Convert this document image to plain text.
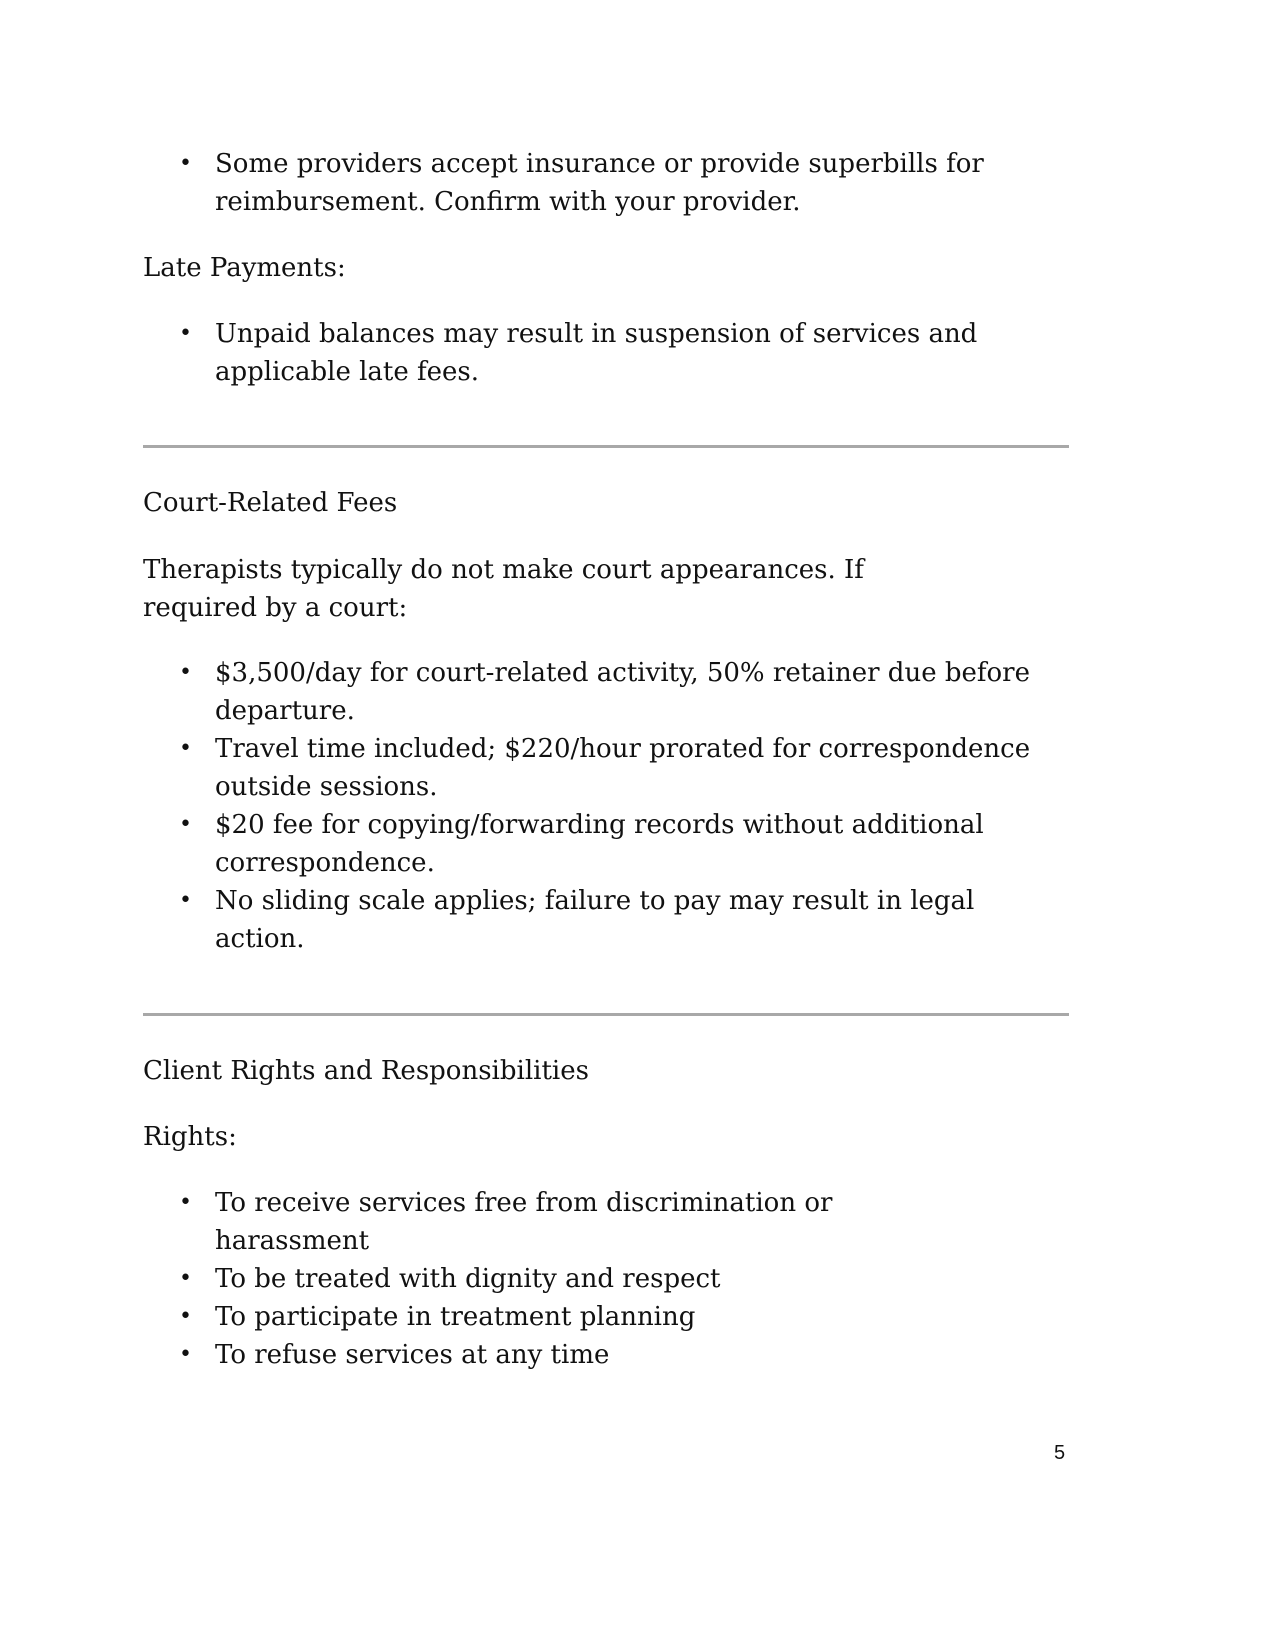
• Some providers accept insurance or provide superbills for reimbursement. Confirm with your provider.
Late Payments:
• Unpaid balances may result in suspension of services and applicable late fees.
Court-Related Fees
Therapists typically do not make court appearances. If required by a court:
• $3,500/day for court-related activity, 50% retainer due before departure.
• Travel time included; $220/hour prorated for correspondence outside sessions.
• $20 fee for copying/forwarding records without additional correspondence.
• No sliding scale applies; failure to pay may result in legal action.
Client Rights and Responsibilities
Rights:
• To receive services free from discrimination or harassment
• To be treated with dignity and respect
• To participate in treatment planning
• To refuse services at any time
5
